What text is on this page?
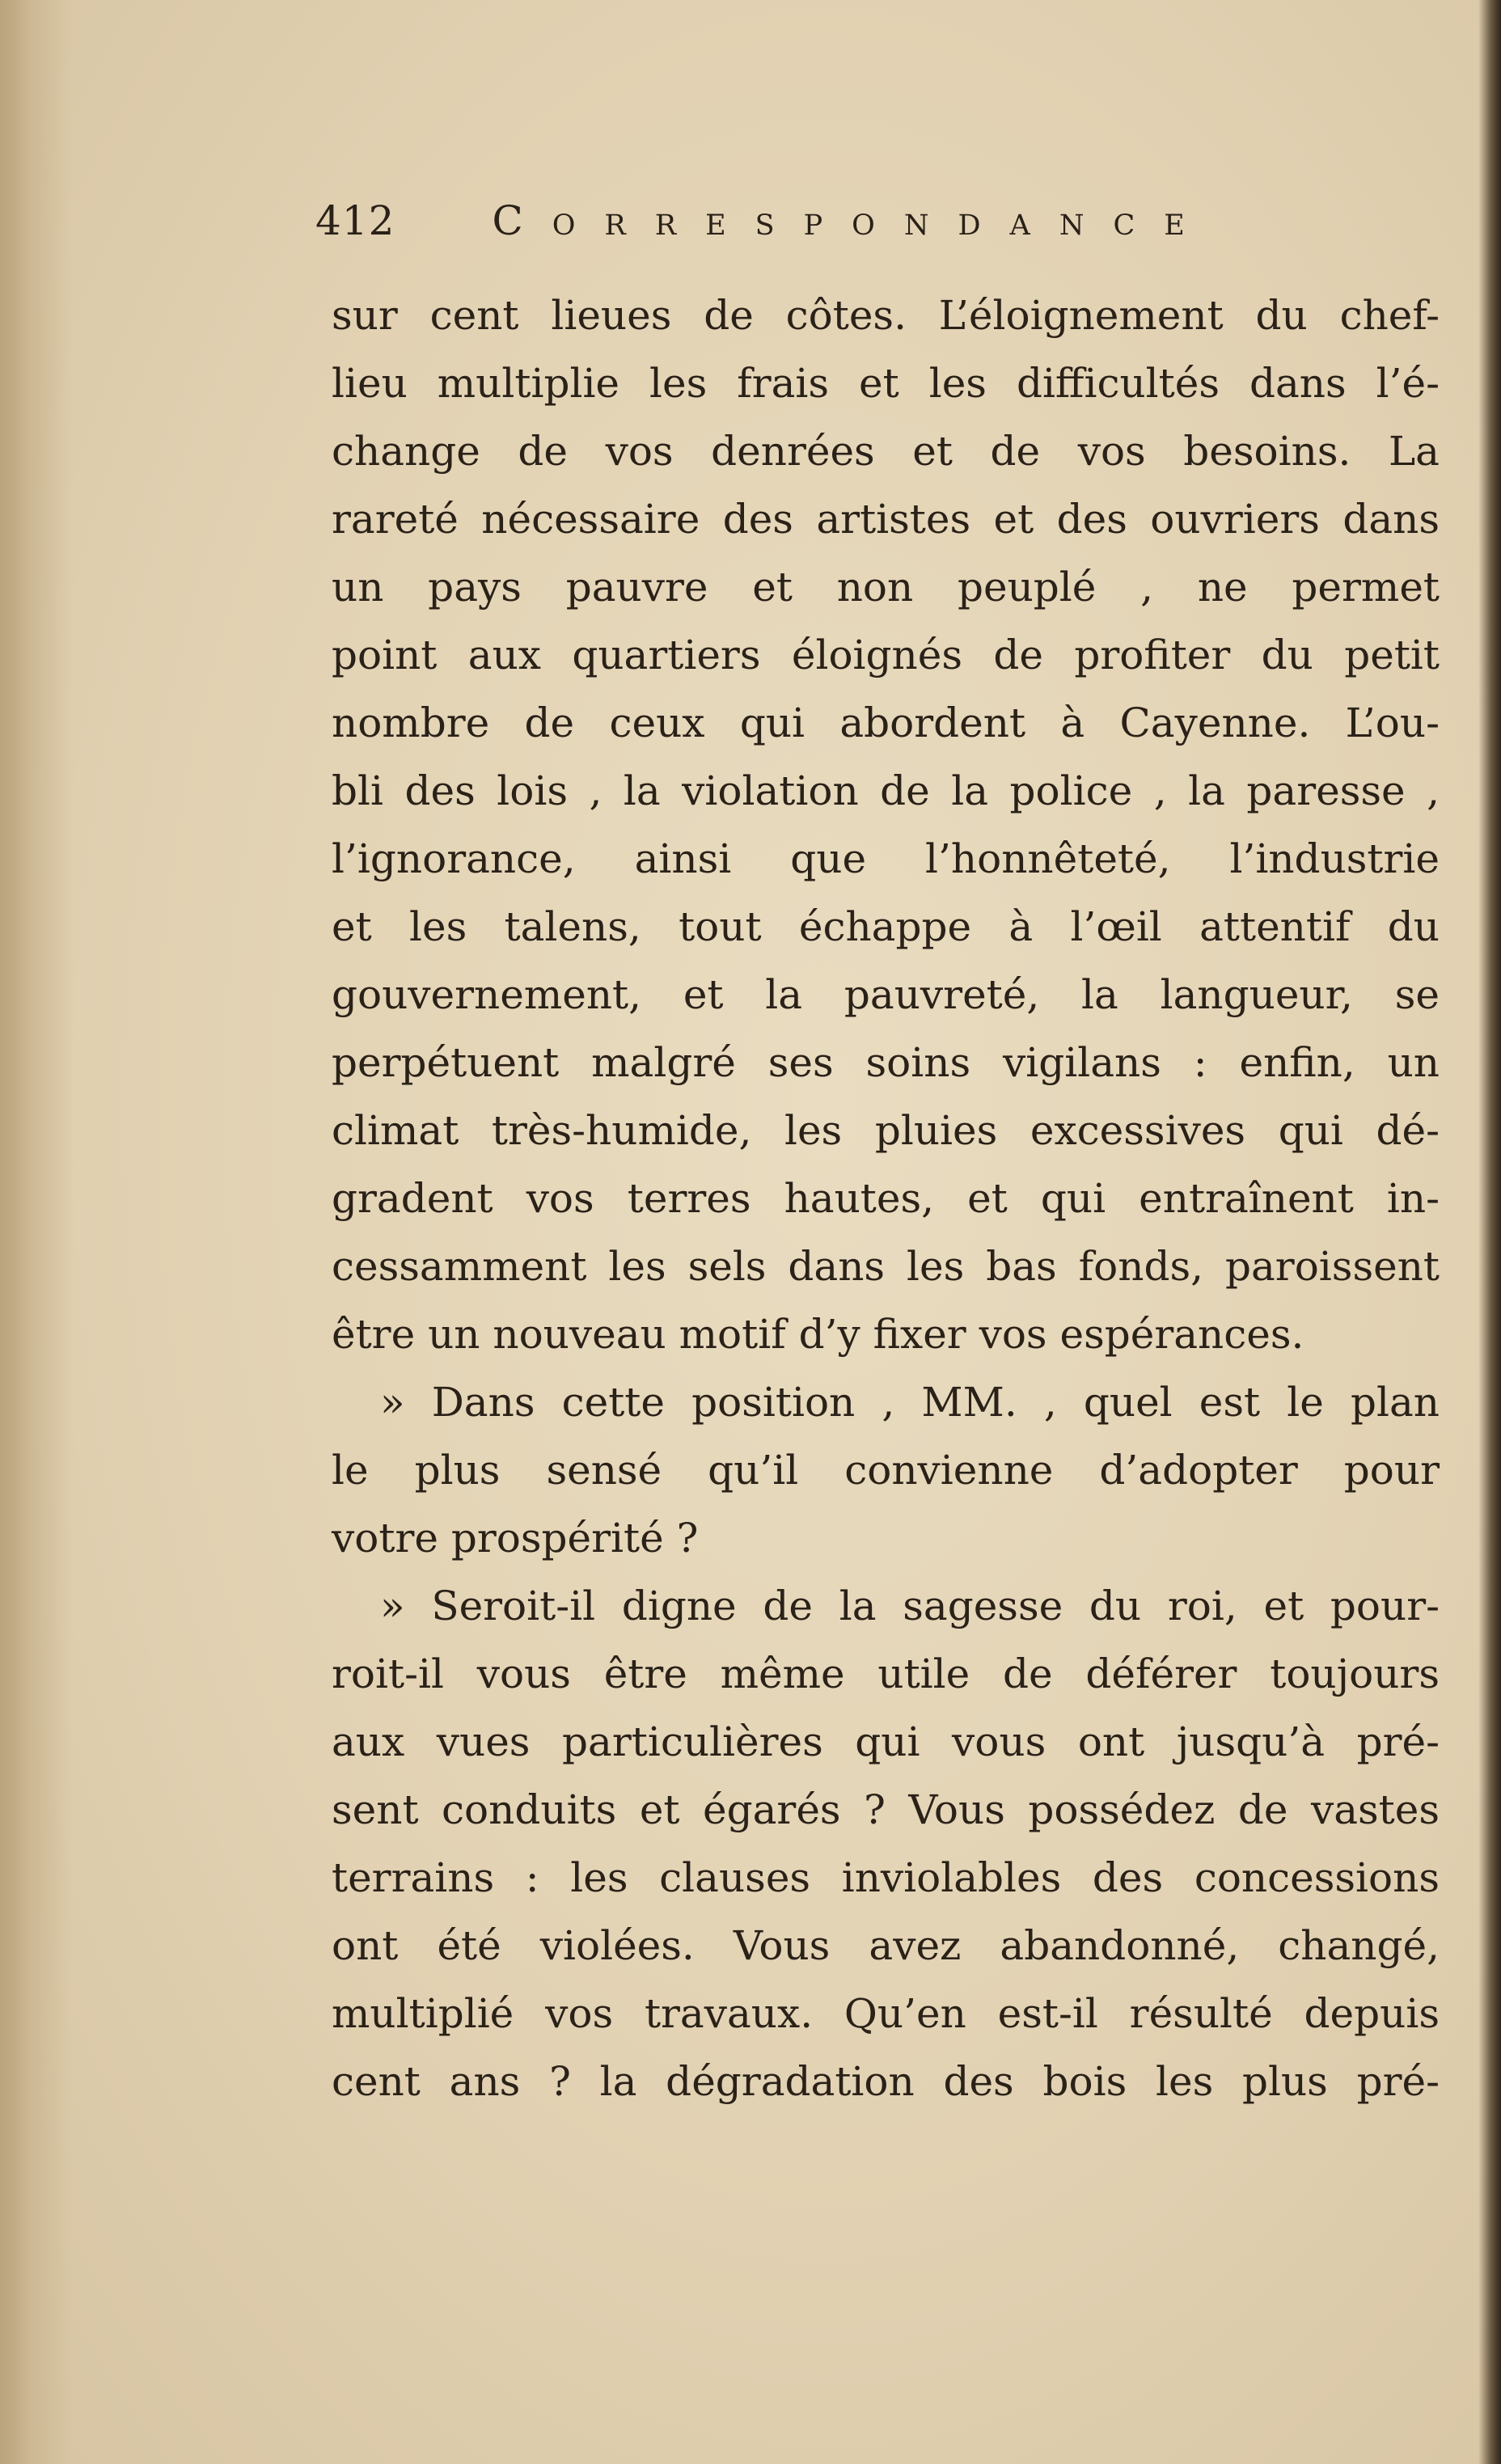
412 Correspondance
sur cent lieues de côtes. L’éloignement du chef-
lieu multiplie les frais et les difficultés dans l’é-
change de vos denrées et de vos besoins. La
rareté nécessaire des artistes et des ouvriers dans
un pays pauvre et non peuplé , ne permet
point aux quartiers éloignés de profiter du petit
nombre de ceux qui abordent à Cayenne. L’ou-
bli des lois , la violation de la police , la paresse ,
l’ignorance, ainsi que l’honnêteté, l’industrie
et les talens, tout échappe à l’œil attentif du
gouvernement, et la pauvreté, la langueur, se
perpétuent malgré ses soins vigilans : enfin, un
climat très-humide, les pluies excessives qui dé-
gradent vos terres hautes, et qui entraînent in-
cessamment les sels dans les bas fonds, paroissent
être un nouveau motif d’y fixer vos espérances.
» Dans cette position , MM. , quel est le plan
le plus sensé qu’il convienne d’adopter pour
votre prospérité ?
» Seroit-il digne de la sagesse du roi, et pour-
roit-il vous être même utile de déférer toujours
aux vues particulières qui vous ont jusqu’à pré-
sent conduits et égarés ? Vous possédez de vastes
terrains : les clauses inviolables des concessions
ont été violées. Vous avez abandonné, changé,
multiplié vos travaux. Qu’en est-il résulté depuis
cent ans ? la dégradation des bois les plus pré-
